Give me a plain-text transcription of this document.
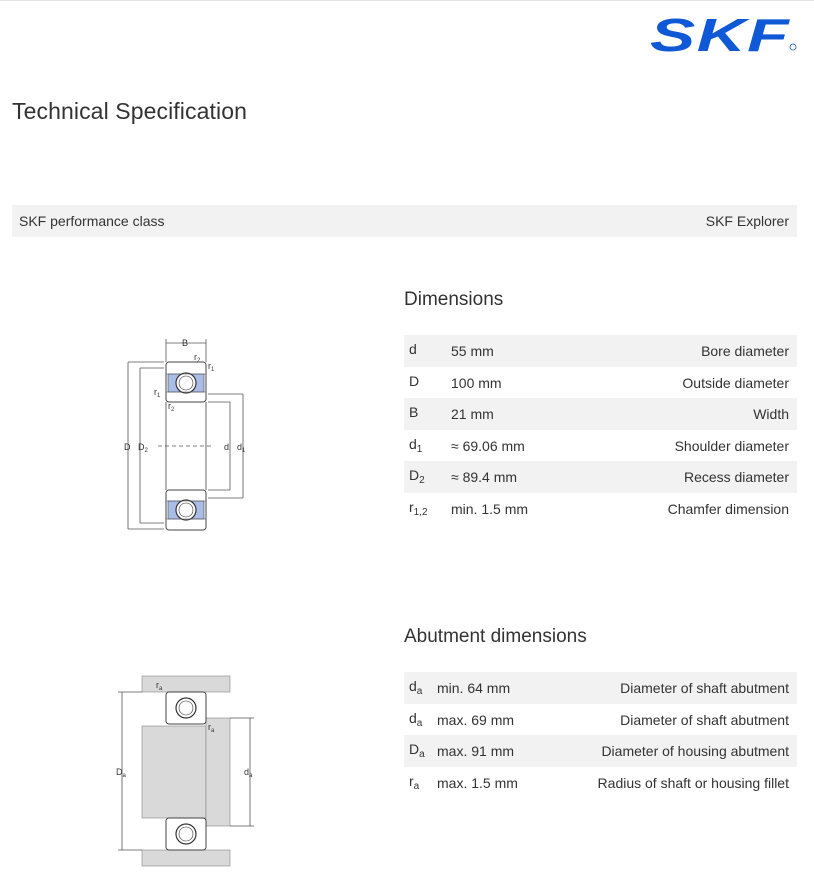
SKF
Technical Specification
SKF performance class	SKF Explorer
B
$r_2$ $r_1$
$r_1$
$r_2$
D $D_2$	d $d_1$
Dimensions
d 55 mm	Bore diameter
D 100 mm	Outside diameter
B 21 mm	Width
$d_1 \approx 69.06$ mm	Shoulder diameter
$D_2 \approx 89.4$ mm	Recess diameter
$r_{1,2}$ min. 1.5 mm	Chamfer dimension
$r_a$
$r_a$
$D_a$	$d_a$
Abutment dimensions
$d_a$ min. 64 mm	Diameter of shaft abutment
$d_a$ max. 69 mm	Diameter of shaft abutment
$D_a$ max. 91 mm	Diameter of housing abutment
$r_a$ max. 1.5 mm	Radius of shaft or housing fillet
